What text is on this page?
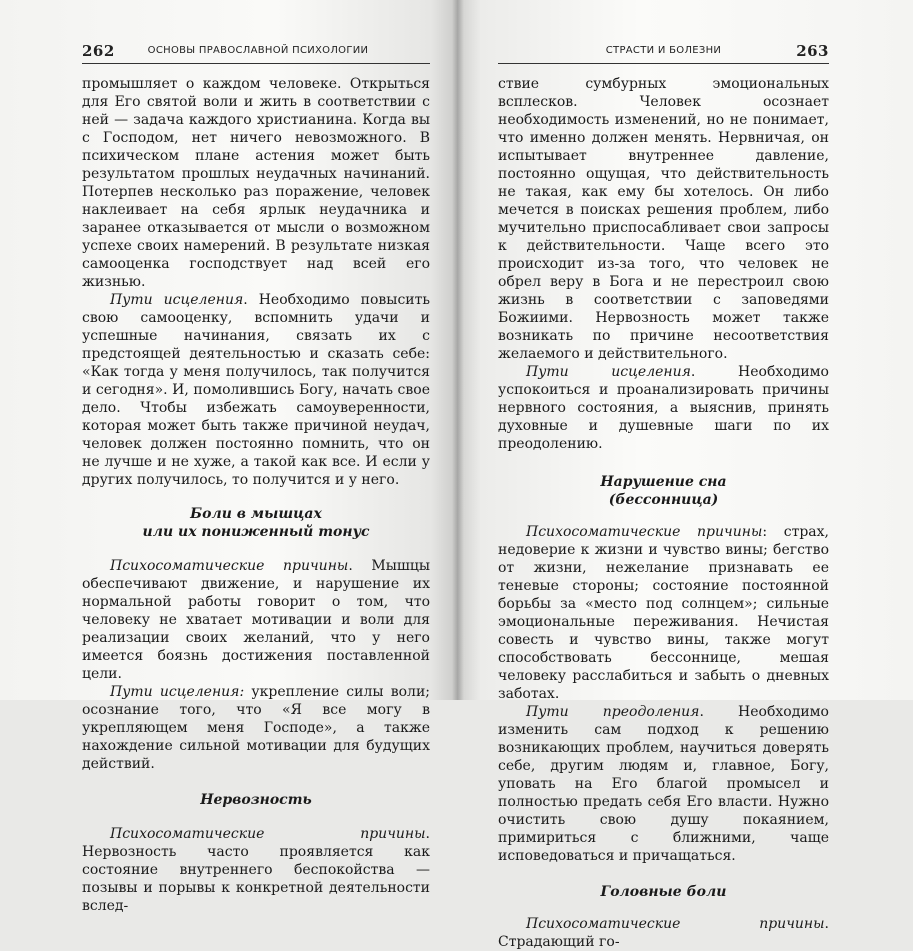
262	ОСНОВЫ ПРАВОСЛАВНОЙ ПСИХОЛОГИИ

промышляет о каждом человеке. Открыться для Его святой воли и жить в соответствии с ней — задача каждого христианина. Когда вы с Господом, нет ничего невозможного. В психическом плане астения может быть результатом прошлых неудачных начинаний. Потерпев несколько раз поражение, человек наклеивает на себя ярлык неудачника и заранее отказывается от мысли о возможном успехе своих намерений. В результате низкая самооценка господствует над всей его жизнью.

Пути исцеления. Необходимо повысить свою самооценку, вспомнить удачи и успешные начинания, связать их с предстоящей деятельностью и сказать себе: «Как тогда у меня получилось, так получится и сегодня». И, помолившись Богу, начать свое дело. Чтобы избежать самоуверенности, которая может быть также причиной неудач, человек должен постоянно помнить, что он не лучше и не хуже, а такой как все. И если у других получилось, то получится и у него.

Боли в мышцах
или их пониженный тонус

Психосоматические причины. Мышцы обеспечивают движение, и нарушение их нормальной работы говорит о том, что человеку не хватает мотивации и воли для реализации своих желаний, что у него имеется боязнь достижения поставленной цели.

Пути исцеления: укрепление силы воли; осознание того, что «Я все могу в укрепляющем меня Господе», а также нахождение сильной мотивации для будущих действий.

Нервозность

Психосоматические причины. Нервозность часто проявляется как состояние внутреннего беспокойства — позывы и порывы к конкретной деятельности вслед-

СТРАСТИ И БОЛЕЗНИ	263

ствие сумбурных эмоциональных всплесков. Человек осознает необходимость изменений, но не понимает, что именно должен менять. Нервничая, он испытывает внутреннее давление, постоянно ощущая, что действительность не такая, как ему бы хотелось. Он либо мечется в поисках решения проблем, либо мучительно приспосабливает свои запросы к действительности. Чаще всего это происходит из-за того, что человек не обрел веру в Бога и не перестроил свою жизнь в соответствии с заповедями Божиими. Нервозность может также возникать по причине несоответствия желаемого и действительного.

Пути исцеления. Необходимо успокоиться и проанализировать причины нервного состояния, а выяснив, принять духовные и душевные шаги по их преодолению.

Нарушение сна
(бессонница)

Психосоматические причины: страх, недоверие к жизни и чувство вины; бегство от жизни, нежелание признавать ее теневые стороны; состояние постоянной борьбы за «место под солнцем»; сильные эмоциональные переживания. Нечистая совесть и чувство вины, также могут способствовать бессоннице, мешая человеку расслабиться и забыть о дневных заботах.

Пути преодоления. Необходимо изменить сам подход к решению возникающих проблем, научиться доверять себе, другим людям и, главное, Богу, уповать на Его благой промысел и полностью предать себя Его власти. Нужно очистить свою душу покаянием, примириться с ближними, чаще исповедоваться и причащаться.

Головные боли

Психосоматические причины. Страдающий го-
